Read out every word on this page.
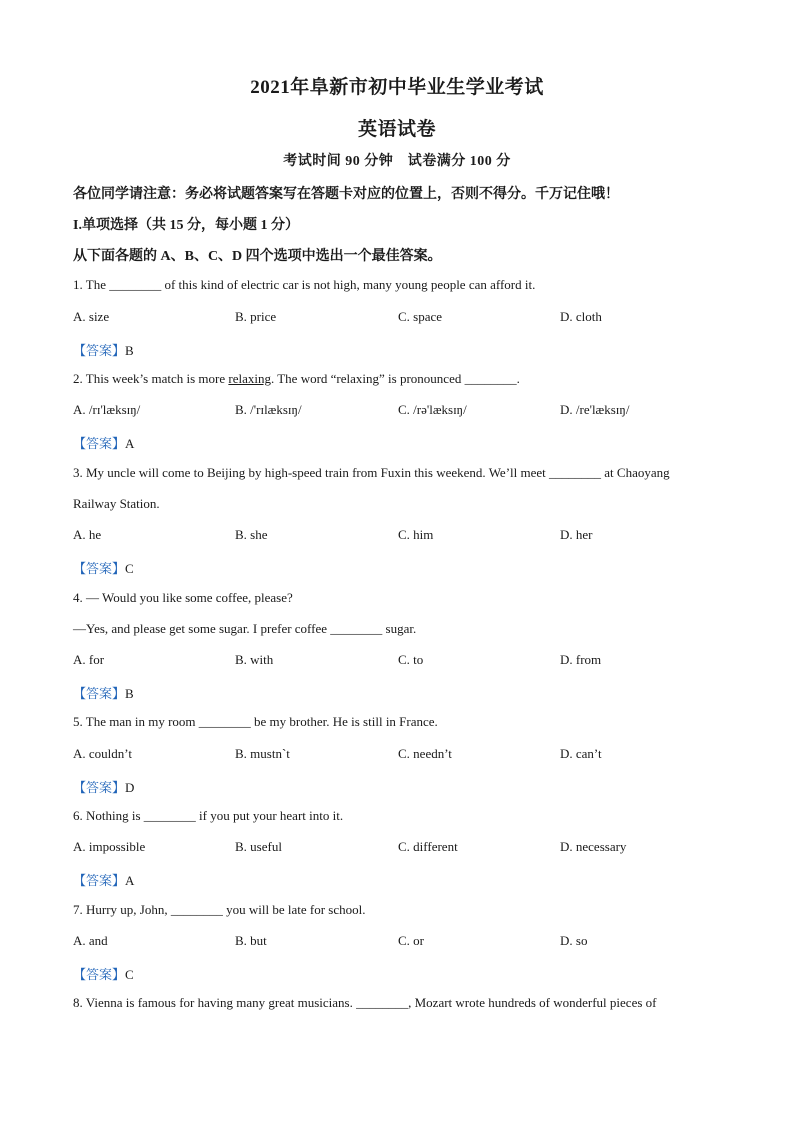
2021年阜新市初中毕业生学业考试
英语试卷
考试时间 90 分钟　试卷满分 100 分
各位同学请注意：务必将试题答案写在答题卡对应的位置上，否则不得分。千万记住哦！
I.单项选择（共 15 分，每小题 1 分）
从下面各题的 A、B、C、D 四个选项中选出一个最佳答案。
1. The ________ of this kind of electric car is not high, many young people can afford it.
A. size	B. price	C. space	D. cloth
【答案】B
2. This week’s match is more relaxing. The word “relaxing” is pronounced ________.
A. /rɪ'læksɪŋ/	B. /'rɪlæksɪŋ/	C. /rə'læksɪŋ/	D. /re'læksɪŋ/
【答案】A
3. My uncle will come to Beijing by high-speed train from Fuxin this weekend. We’ll meet ________ at Chaoyang
Railway Station.
A. he	B. she	C. him	D. her
【答案】C
4. — Would you like some coffee, please?
—Yes, and please get some sugar. I prefer coffee ________ sugar.
A. for	B. with	C. to	D. from
【答案】B
5. The man in my room ________ be my brother. He is still in France.
A. couldn’t	B. mustn`t	C. needn’t	D. can’t
【答案】D
6. Nothing is ________ if you put your heart into it.
A. impossible	B. useful	C. different	D. necessary
【答案】A
7. Hurry up, John, ________ you will be late for school.
A. and	B. but	C. or	D. so
【答案】C
8. Vienna is famous for having many great musicians. ________, Mozart wrote hundreds of wonderful pieces of
